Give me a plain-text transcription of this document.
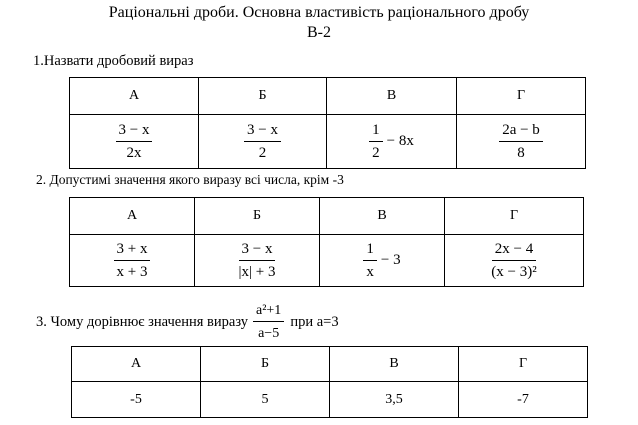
Раціональні дроби. Основна властивість раціонального дробу
В-2
1.Назвати дробовий вираз
А	Б	В	Г

$\frac{3 - x}{2x}$	$\frac{3 - x}{2}$	$\frac{1}{2} - 8x$	$\frac{2a - b}{8}$
2. Допустимі значення якого виразу всі числа, крім -3
А	Б	В	Г

$\frac{3 + x}{x + 3}$	$\frac{3 - x}{|x| + 3}$	$\frac{1}{x} - 3$	$\frac{2x - 4}{\text{(x − 3)²}}$
3. Чому дорівнює значення виразу $\frac{\text{a²+1}}{a-5}$ при a=3
А	Б	В	Г
-5	5	3,5	-7
